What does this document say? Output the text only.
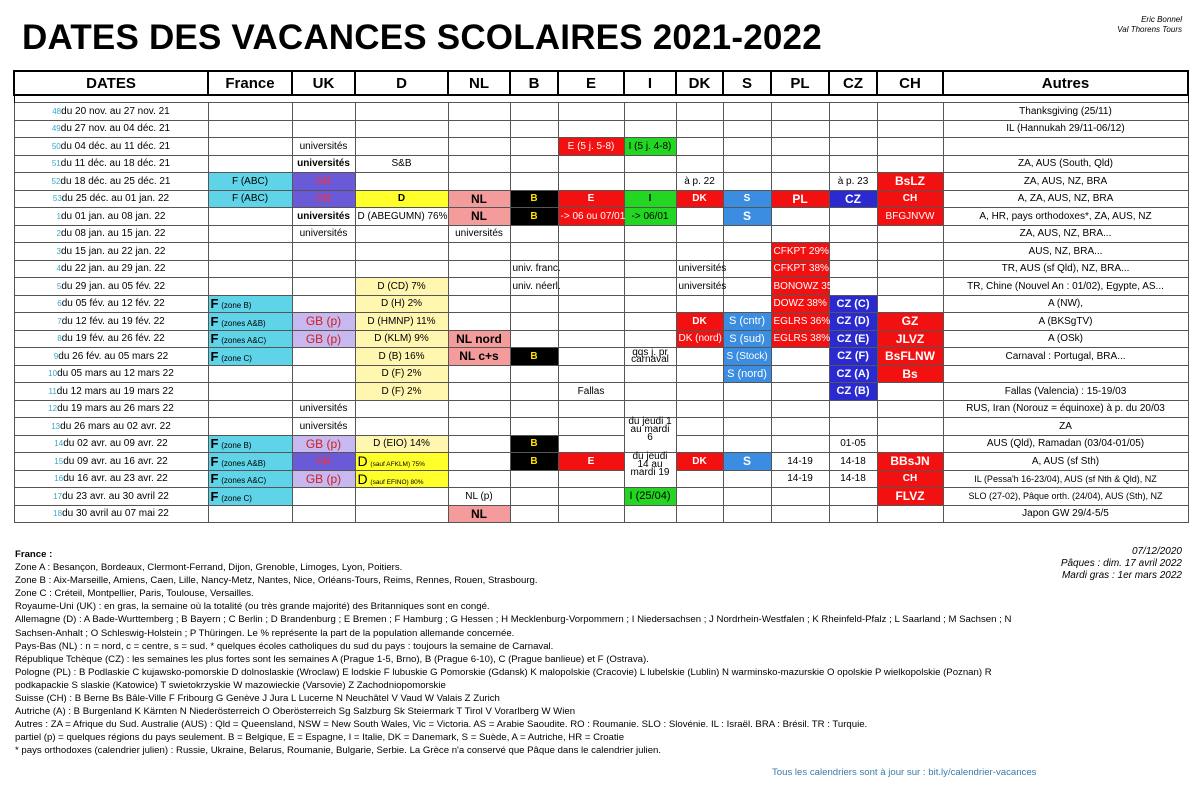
DATES DES VACANCES SCOLAIRES 2021-2022	Eric Bonnel
Val Thorens Tours
DATES	France	UK	D	NL	B	E	I	DK	S	PL	CZ	CH	Autres

48du 20 nov. au 27 nov. 21													Thanksgiving (25/11)
49du 27 nov. au 04 déc. 21													IL (Hannukah 29/11-06/12)
50du 04 déc. au 11 déc. 21		universités				E (5 j. 5-8)	I (5 j. 4-8)						
51du 11 déc. au 18 déc. 21		universités	S&B										ZA, AUS (South, Qld)
52du 18 déc. au 25 déc. 21	F (ABC)	GB						à p. 22			à p. 23	BsLZ	ZA, AUS, NZ, BRA
53du 25 déc. au 01 jan. 22	F (ABC)	GB	D	NL	B	E	I	DK	S	PL	CZ	CH	A, ZA, AUS, NZ, BRA
1du 01 jan. au 08 jan. 22		universités	D (ABEGUMN) 76%	NL	B	-> 06 ou 07/01	-> 06/01		S			BFGJNVW	A, HR, pays orthodoxes*, ZA, AUS, NZ
2du 08 jan. au 15 jan. 22		universités		universités									ZA, AUS, NZ, BRA...
3du 15 jan. au 22 jan. 22										CFKPT 29%			AUS, NZ, BRA...
4du 22 jan. au 29 jan. 22					univ. franc.			universités		CFKPT 38%			TR, AUS (sf Qld), NZ, BRA...
5du 29 jan. au 05 fév. 22			D (CD) 7%		univ. néerl.			universités		BONOWZ 35%			TR, Chine (Nouvel An : 01/02), Egypte, AS...
6du 05 fév. au 12 fév. 22	F (zone B)		D (H) 2%							DOWZ 38%	CZ (C)		A (NW),
7du 12 fév. au 19 fév. 22	F (zones A&B)	GB (p)	D (HMNP) 11%					DK	S (cntr)	EGLRS 36%	CZ (D)	GZ	A (BKSgTV)
8du 19 fév. au 26 fév. 22	F (zones A&C)	GB (p)	D (KLM) 9%	NL nord				DK (nord)	S (sud)	EGLRS 38%	CZ (E)	JLVZ	A (OSk)
9du 26 fév. au 05 mars 22	F (zone C)		D (B) 16%	NL c+s	B		qqs j. pr carnaval		S (Stock)		CZ (F)	BsFLNW	Carnaval : Portugal, BRA...
10du 05 mars au 12 mars 22			D (F) 2%						S (nord)		CZ (A)	Bs	
11du 12 mars au 19 mars 22			D (F) 2%			Fallas					CZ (B)		Fallas (Valencia) : 15-19/03
12du 19 mars au 26 mars 22		universités											RUS, Iran (Norouz = équinoxe) à p. du 20/03
13du 26 mars au 02 avr. 22		universités					du jeudi 1 au mardi 6						ZA
14du 02 avr. au 09 avr. 22	F (zone B)	GB (p)	D (EIO) 14%		B						01-05		AUS (Qld), Ramadan (03/04-01/05)
15du 09 avr. au 16 avr. 22	F (zones A&B)	GB	D (sauf AFKLM) 75%		B	E	du jeudi 14 au mardi 19	DK	S	14-19	14-18	BBsJN	A, AUS (sf Sth)
16du 16 avr. au 23 avr. 22	F (zones A&C)	GB (p)	D (sauf EFINO) 80%							14-19	14-18	CH	IL (Pessa'h 16-23/04), AUS (sf Nth & Qld), NZ
17du 23 avr. au 30 avril 22	F (zone C)			NL (p)			I (25/04)					FLVZ	SLO (27-02), Pâque orth. (24/04), AUS (Sth), NZ
18du 30 avril au 07 mai 22				NL									Japon GW 29/4-5/5

France :

Zone A : Besançon, Bordeaux, Clermont-Ferrand, Dijon, Grenoble, Limoges, Lyon, Poitiers.

Zone B : Aix-Marseille, Amiens, Caen, Lille, Nancy-Metz, Nantes, Nice, Orléans-Tours, Reims, Rennes, Rouen, Strasbourg.

Zone C : Créteil, Montpellier, Paris, Toulouse, Versailles.

Royaume-Uni (UK) : en gras, la semaine où la totalité (ou très grande majorité) des Britanniques sont en congé.

Allemagne (D) : A Bade-Wurttemberg ; B Bayern ; C Berlin ; D Brandenburg ; E Bremen ; F Hamburg ; G Hessen ; H Mecklenburg-Vorpommern ; I Niedersachsen ; J Nordrhein-Westfalen ; K Rheinfeld-Pfalz ; L Saarland ; M Sachsen ; N

Sachsen-Anhalt ; O Schleswig-Holstein ; P Thüringen. Le % représente la part de la population allemande concernée.

Pays-Bas (NL) : n = nord, c = centre, s = sud. * quelques écoles catholiques du sud du pays : toujours la semaine de Carnaval.

République Tchèque (CZ) : les semaines les plus fortes sont les semaines A (Prague 1-5, Brno), B (Prague 6-10), C (Prague banlieue) et F (Ostrava).

Pologne (PL) : B Podlaskie C kujawsko-pomorskie D dolnoslaskie (Wroclaw) E lodskie F lubuskie G Pomorskie (Gdansk) K malopolskie (Cracovie) L lubelskie (Lublin) N warminsko-mazurskie O opolskie P wielkopolskie (Poznan) R

podkapackie S slaskie (Katowice) T swietokrzyskie W mazowieckie (Varsovie) Z Zachodniopomorskie

Suisse (CH) : B Berne Bs Bâle-Ville F Fribourg G Genève J Jura L Lucerne N Neuchâtel V Vaud W Valais Z Zurich

Autriche (A) : B Burgenland K Kärnten N Niederösterreich O Oberösterreich Sg Salzburg Sk Steiermark T Tirol V Vorarlberg W Wien

Autres : ZA = Afrique du Sud. Australie (AUS) : Qld = Queensland, NSW = New South Wales, Vic = Victoria. AS = Arabie Saoudite. RO : Roumanie. SLO : Slovénie. IL : Israël. BRA : Brésil. TR : Turquie.

partiel (p) = quelques régions du pays seulement. B = Belgique, E = Espagne, I = Italie, DK = Danemark, S = Suède, A = Autriche, HR = Croatie

* pays orthodoxes (calendrier julien) : Russie, Ukraine, Belarus, Roumanie, Bulgarie, Serbie. La Grèce n'a conservé que Pâque dans le calendrier julien.

07/12/2020
Pâques : dim. 17 avril 2022
Mardi gras : 1er mars 2022
Tous les calendriers sont à jour sur : bit.ly/calendrier-vacances
